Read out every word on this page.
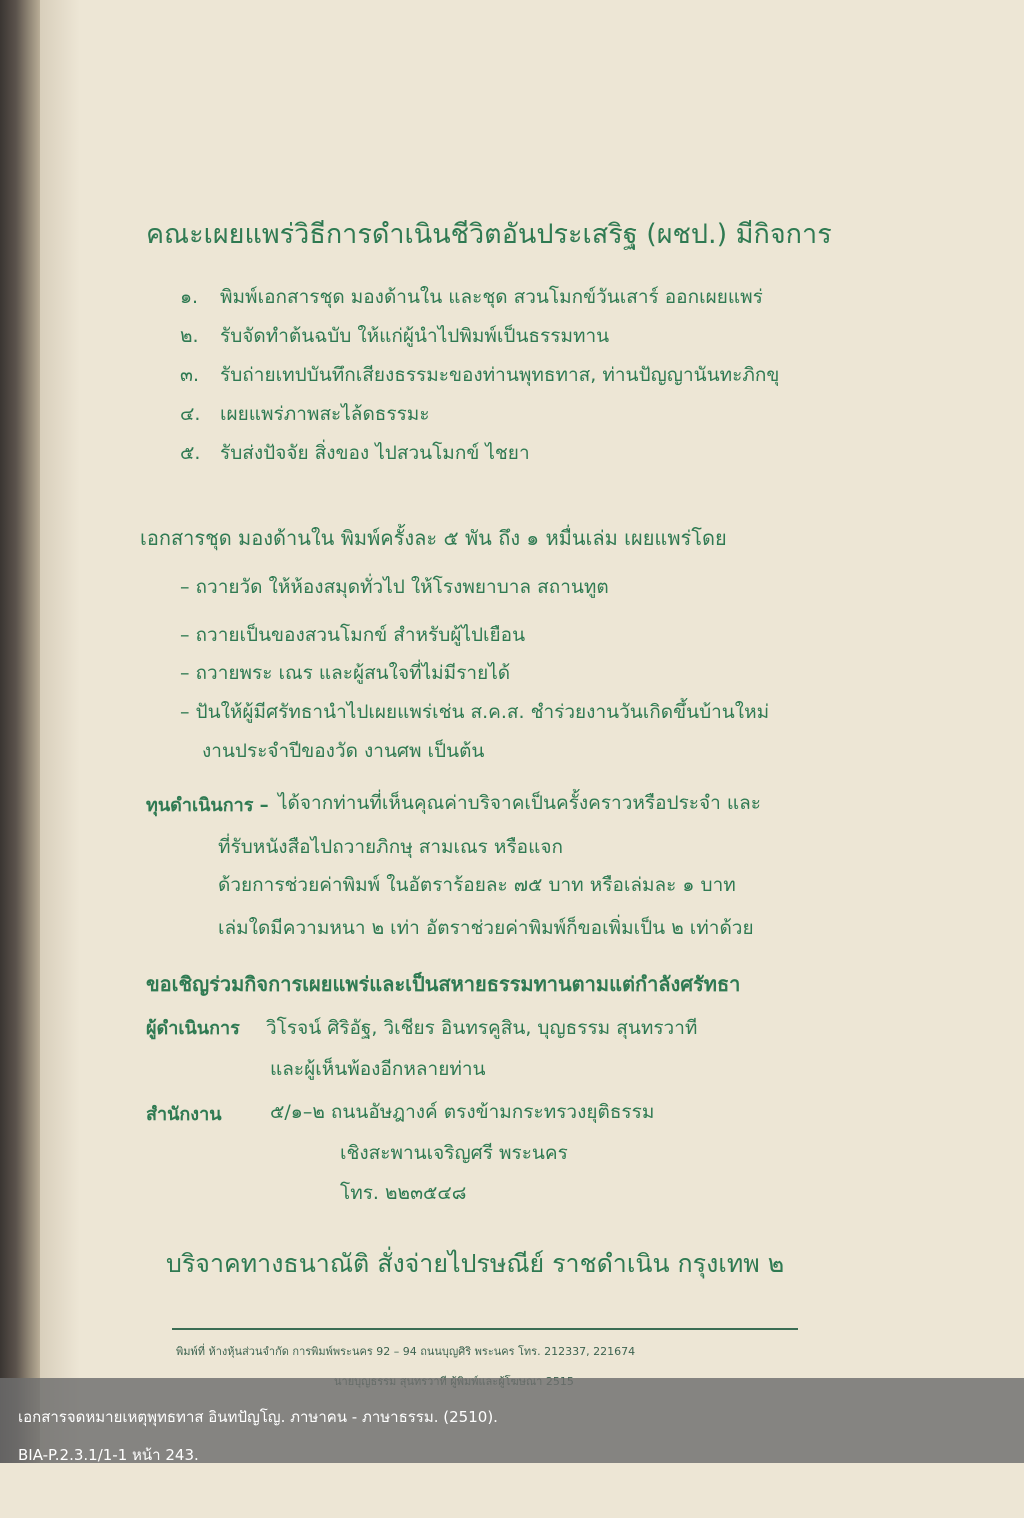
คณะเผยแพร่วิธีการดำเนินชีวิตอันประเสริฐ (ผชป.) มีกิจการ
๑. พิมพ์เอกสารชุด มองด้านใน และชุด สวนโมกข์วันเสาร์ ออกเผยแพร่
๒. รับจัดทำต้นฉบับ ให้แก่ผู้นำไปพิมพ์เป็นธรรมทาน
๓. รับถ่ายเทปบันทึกเสียงธรรมะของท่านพุทธทาส, ท่านปัญญานันทะภิกขุ
๔. เผยแพร่ภาพสะไล้ดธรรมะ
๕. รับส่งปัจจัย สิ่งของ ไปสวนโมกข์ ไชยา
เอกสารชุด มองด้านใน พิมพ์ครั้งละ ๕ พัน ถึง ๑ หมื่นเล่ม เผยแพร่โดย
– ถวายวัด ให้ห้องสมุดทั่วไป ให้โรงพยาบาล สถานทูต
– ถวายเป็นของสวนโมกข์ สำหรับผู้ไปเยือน
– ถวายพระ เณร และผู้สนใจที่ไม่มีรายได้
– ปันให้ผู้มีศรัทธานำไปเผยแพร่เช่น ส.ค.ส. ชำร่วยงานวันเกิดขึ้นบ้านใหม่
งานประจำปีของวัด งานศพ เป็นต้น
ทุนดำเนินการ – ได้จากท่านที่เห็นคุณค่าบริจาคเป็นครั้งคราวหรือประจำ และ
ที่รับหนังสือไปถวายภิกษุ สามเณร หรือแจก
ด้วยการช่วยค่าพิมพ์ ในอัตราร้อยละ ๗๕ บาท หรือเล่มละ ๑ บาท
เล่มใดมีความหนา ๒ เท่า อัตราช่วยค่าพิมพ์ก็ขอเพิ่มเป็น ๒ เท่าด้วย
ขอเชิญร่วมกิจการเผยแพร่และเป็นสหายธรรมทานตามแต่กำลังศรัทธา
ผู้ดำเนินการ วิโรจน์ ศิริอัฐ, วิเชียร อินทรคูสิน, บุญธรรม สุนทรวาที
และผู้เห็นพ้องอีกหลายท่าน
สำนักงาน	๕/๑–๒ ถนนอัษฎางค์ ตรงข้ามกระทรวงยุติธรรม
เชิงสะพานเจริญศรี พระนคร
โทร. ๒๒๓๕๔๘
บริจาคทางธนาณัติ สั่งจ่ายไปรษณีย์ ราชดำเนิน กรุงเทพ ๒
พิมพ์ที่ ห้างหุ้นส่วนจำกัด การพิมพ์พระนคร 92 – 94 ถนนบุญศิริ พระนคร โทร. 212337, 221674
เอกสารจดหมายเหตุพุทธทาส อินทปัญโญ. ภาษาคน - ภาษาธรรม. (2510).
BIA-P.2.3.1/1-1 หน้า 243.
